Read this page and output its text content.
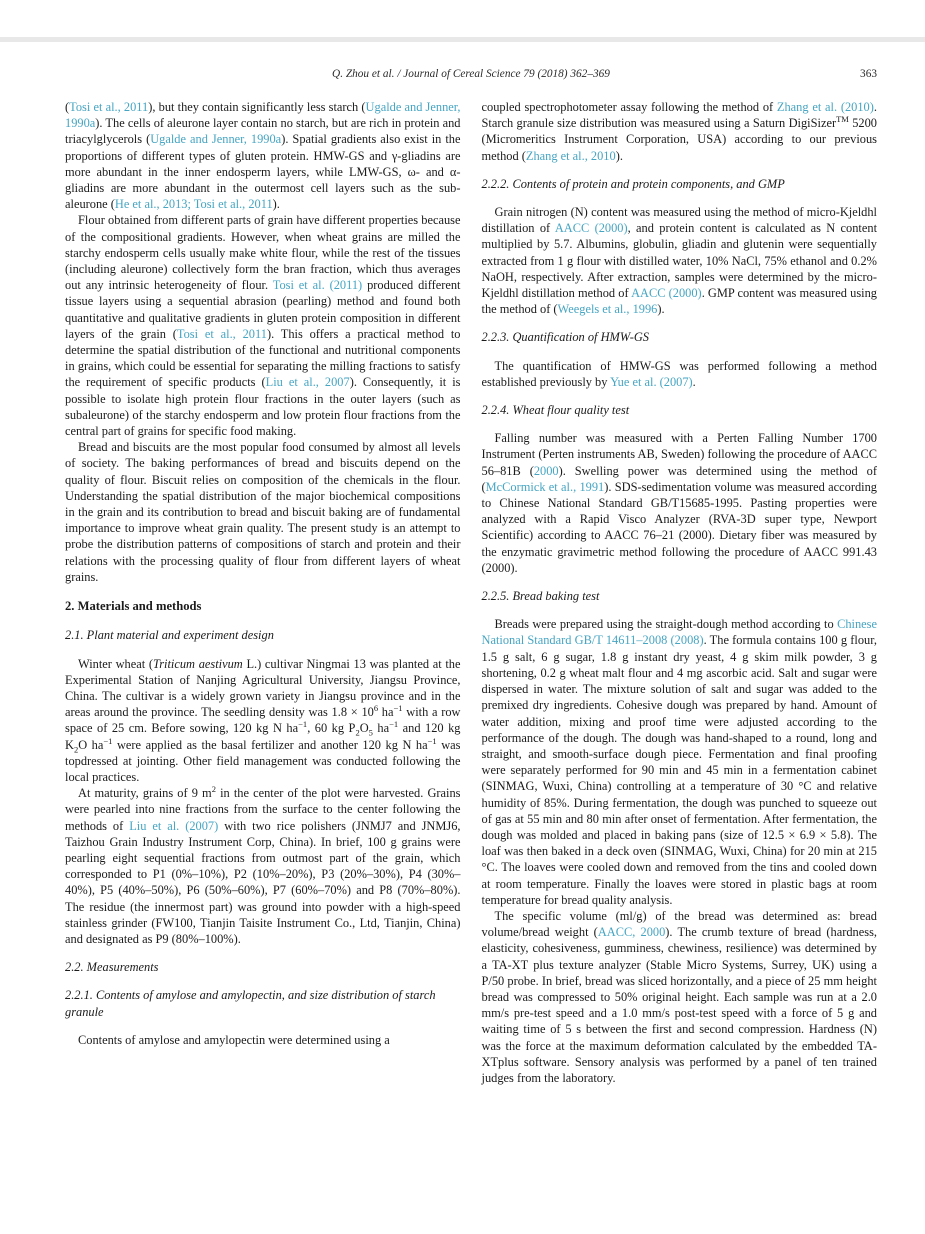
Q. Zhou et al. / Journal of Cereal Science 79 (2018) 362–369	363

(Tosi et al., 2011), but they contain significantly less starch (Ugalde and Jenner, 1990a). The cells of aleurone layer contain no starch, but are rich in protein and triacylglycerols (Ugalde and Jenner, 1990a). Spatial gradients also exist in the proportions of different types of gluten protein. HMW-GS and γ-gliadins are more abundant in the inner endosperm layers, while LMW-GS, ω- and α-gliadins are more abundant in the outermost cell layers such as the sub-aleurone (He et al., 2013; Tosi et al., 2011).

Flour obtained from different parts of grain have different properties because of the compositional gradients. However, when wheat grains are milled the starchy endosperm cells usually make white flour, while the rest of the tissues (including aleurone) collectively form the bran fraction, which thus averages out any intrinsic heterogeneity of flour. Tosi et al. (2011) produced different tissue layers using a sequential abrasion (pearling) method and found both quantitative and qualitative gradients in gluten protein composition in different layers of the grain (Tosi et al., 2011). This offers a practical method to determine the spatial distribution of the functional and nutritional components in grains, which could be essential for separating the milling fractions to satisfy the requirement of specific products (Liu et al., 2007). Consequently, it is possible to isolate high protein flour fractions in the outer layers (such as subaleurone) of the starchy endosperm and low protein flour fractions from the central part of grains for specific food making.

Bread and biscuits are the most popular food consumed by almost all levels of society. The baking performances of bread and biscuits depend on the quality of flour. Biscuit relies on composition of the chemicals in the flour. Understanding the spatial distribution of the major biochemical compositions in the grain and its contribution to bread and biscuit baking are of fundamental importance to improve wheat grain quality. The present study is an attempt to probe the distribution patterns of compositions of starch and protein and their relations with the processing quality of flour from different layers of wheat grains.

2. Materials and methods
2.1. Plant material and experiment design

Winter wheat (Triticum aestivum L.) cultivar Ningmai 13 was planted at the Experimental Station of Nanjing Agricultural University, Jiangsu Province, China. The cultivar is a widely grown variety in Jiangsu province and in the areas around the province. The seedling density was $1.8 \times 10^6$ $ha^{-1}$ with a row space of 25 cm. Before sowing, 120 kg N $ha^{-1}$, 60 kg $P_2O_5$ $ha^{-1}$ and 120 kg $K_2O$ $ha^{-1}$ were applied as the basal fertilizer and another 120 kg N $ha^{-1}$ was topdressed at jointing. Other field management was conducted following the local practices.

At maturity, grains of 9 $m^2$ in the center of the plot were harvested. Grains were pearled into nine fractions from the surface to the center following the methods of Liu et al. (2007) with two rice polishers (JNMJ7 and JNMJ6, Taizhou Grain Industry Instrument Corp, China). In brief, 100 g grains were pearling eight sequential fractions from outmost part of the grain, which corresponded to P1 (0%–10%), P2 (10%–20%), P3 (20%–30%), P4 (30%–40%), P5 (40%–50%), P6 (50%–60%), P7 (60%–70%) and P8 (70%–80%). The residue (the innermost part) was ground into powder with a high-speed stainless grinder (FW100, Tianjin Taisite Instrument Co., Ltd, Tianjin, China) and designated as P9 (80%–100%).

2.2. Measurements
2.2.1. Contents of amylose and amylopectin, and size distribution of starch granule

Contents of amylose and amylopectin were determined using a

coupled spectrophotometer assay following the method of Zhang et al. (2010). Starch granule size distribution was measured using a Saturn DigiSizer™ 5200 (Micromeritics Instrument Corporation, USA) according to our previous method (Zhang et al., 2010).

2.2.2. Contents of protein and protein components, and GMP

Grain nitrogen (N) content was measured using the method of micro-Kjeldhl distillation of AACC (2000), and protein content is calculated as N content multiplied by 5.7. Albumins, globulin, gliadin and glutenin were sequentially extracted from 1 g flour with distilled water, 10% NaCl, 75% ethanol and 0.2% NaOH, respectively. After extraction, samples were determined by the micro-Kjeldhl distillation method of AACC (2000). GMP content was measured using the method of (Weegels et al., 1996).

2.2.3. Quantification of HMW-GS

The quantification of HMW-GS was performed following a method established previously by Yue et al. (2007).

2.2.4. Wheat flour quality test

Falling number was measured with a Perten Falling Number 1700 Instrument (Perten instruments AB, Sweden) following the procedure of AACC 56–81B (2000). Swelling power was determined using the method of (McCormick et al., 1991). SDS-sedimentation volume was measured according to Chinese National Standard GB/T15685-1995. Pasting properties were analyzed with a Rapid Visco Analyzer (RVA-3D super type, Newport Scientific) according to AACC 76–21 (2000). Dietary fiber was measured by the enzymatic gravimetric method following the procedure of AACC 991.43 (2000).

2.2.5. Bread baking test

Breads were prepared using the straight-dough method according to Chinese National Standard GB/T 14611–2008 (2008). The formula contains 100 g flour, 1.5 g salt, 6 g sugar, 1.8 g instant dry yeast, 4 g skim milk powder, 3 g shortening, 0.2 g wheat malt flour and 4 mg ascorbic acid. Salt and sugar were dispersed in water. The mixture solution of salt and sugar was added to the premixed dry ingredients. Cohesive dough was prepared by hand. Amount of water addition, mixing and proof time were adjusted according to the performance of the dough. The dough was hand-shaped to a round, long and straight, and smooth-surface dough piece. Fermentation and final proofing were separately performed for 90 min and 45 min in a fermentation cabinet (SINMAG, Wuxi, China) controlling at a temperature of 30 °C and relative humidity of 85%. During fermentation, the dough was punched to squeeze out of gas at 55 min and 80 min after onset of fermentation. After fermentation, the dough was molded and placed in baking pans (size of 12.5 × 6.9 × 5.8). The loaf was then baked in a deck oven (SINMAG, Wuxi, China) for 20 min at 215 °C. The loaves were cooled down and removed from the tins and cooled down at room temperature. Finally the loaves were stored in plastic bags at room temperature for bread quality analysis.

The specific volume (ml/g) of the bread was determined as: bread volume/bread weight (AACC, 2000). The crumb texture of bread (hardness, elasticity, cohesiveness, gumminess, chewiness, resilience) was determined by a TA-XT plus texture analyzer (Stable Micro Systems, Surrey, UK) using a P/50 probe. In brief, bread was sliced horizontally, and a piece of 25 mm height bread was compressed to 50% original height. Each sample was run at a 2.0 mm/s pre-test speed and a 1.0 mm/s post-test speed with a force of 5 g and waiting time of 5 s between the first and second compression. Hardness (N) was the force at the maximum deformation calculated by the embedded TA-XTplus software. Sensory analysis was performed by a panel of ten trained judges from the laboratory.
